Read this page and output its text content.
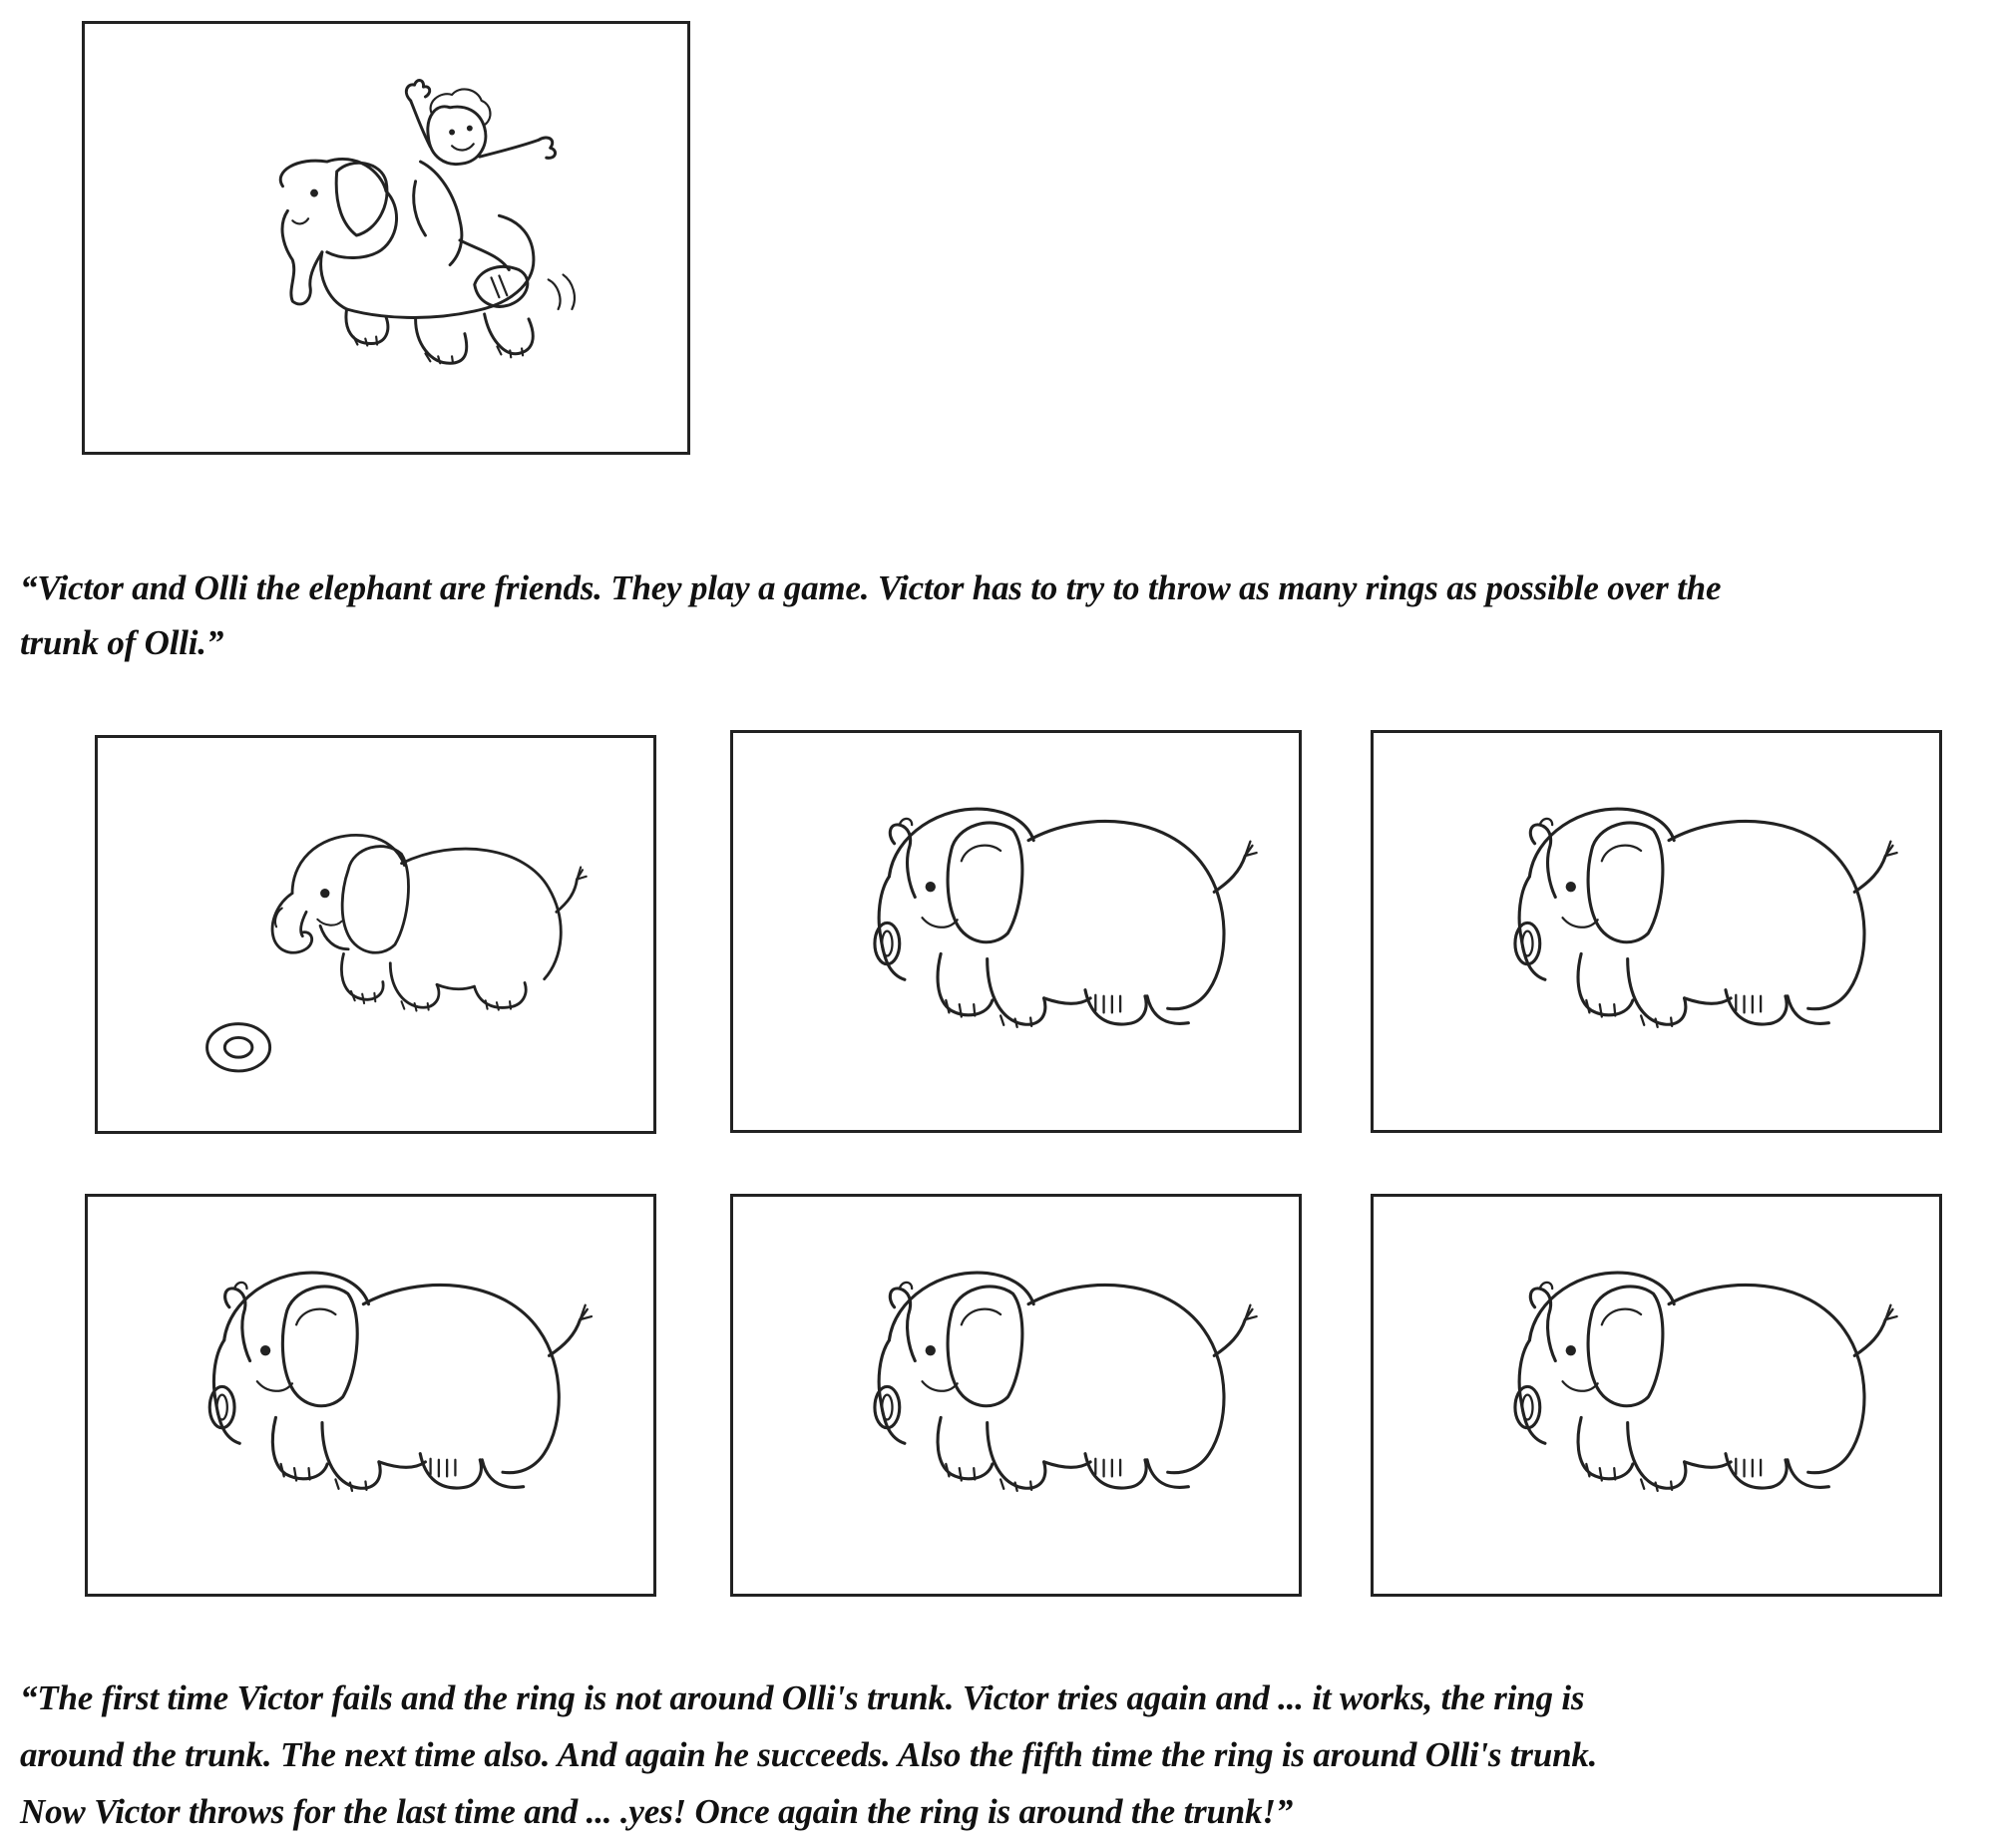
“Victor and Olli the elephant are friends. They play a game. Victor has to try to throw as many rings as possible over the
trunk of Olli.”
“The first time Victor fails and the ring is not around Olli's trunk. Victor tries again and ... it works, the ring is
around the trunk. The next time also. And again he succeeds. Also the fifth time the ring is around Olli's trunk.
Now Victor throws for the last time and ... .yes! Once again the ring is around the trunk!”
